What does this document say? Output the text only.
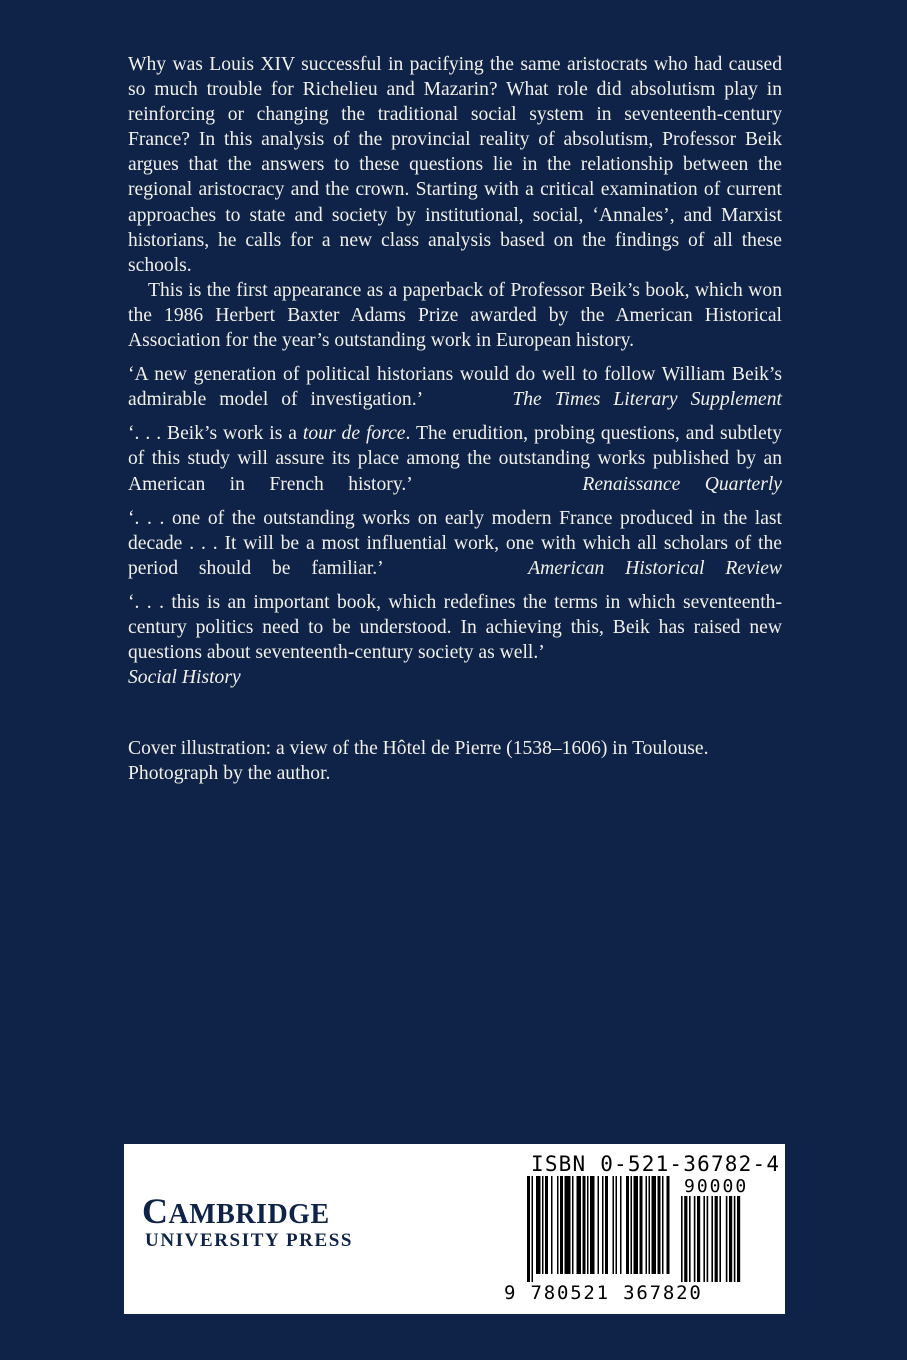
Why was Louis XIV successful in pacifying the same aristocrats who had caused so much trouble for Richelieu and Mazarin? What role did absolutism play in reinforcing or changing the traditional social system in seventeenth-century France? In this analysis of the provincial reality of absolutism, Professor Beik argues that the answers to these questions lie in the relationship between the regional aristocracy and the crown. Starting with a critical examination of current approaches to state and society by institutional, social, ‘Annales’, and Marxist historians, he calls for a new class analysis based on the findings of all these schools.

This is the first appearance as a paperback of Professor Beik’s book, which won the 1986 Herbert Baxter Adams Prize awarded by the American Historical Association for the year’s outstanding work in European history.

‘A new generation of political historians would do well to follow William Beik’s admirable model of investigation.’	The Times Literary Supplement

‘. . . Beik’s work is a tour de force. The erudition, probing questions, and subtlety of this study will assure its place among the outstanding works published by an American in French history.’	Renaissance Quarterly

‘. . . one of the outstanding works on early modern France produced in the last decade . . . It will be a most influential work, one with which all scholars of the period should be familiar.’	American Historical Review

‘. . . this is an important book, which redefines the terms in which seventeenth-century politics need to be understood. In achieving this, Beik has raised new questions about seventeenth-century society as well.’
Social History

Cover illustration: a view of the Hôtel de Pierre (1538–1606) in Toulouse.

Photograph by the author.

CAMBRIDGE
UNIVERSITY PRESS
ISBN 0-521-36782-4
90000
9 780521 367820
